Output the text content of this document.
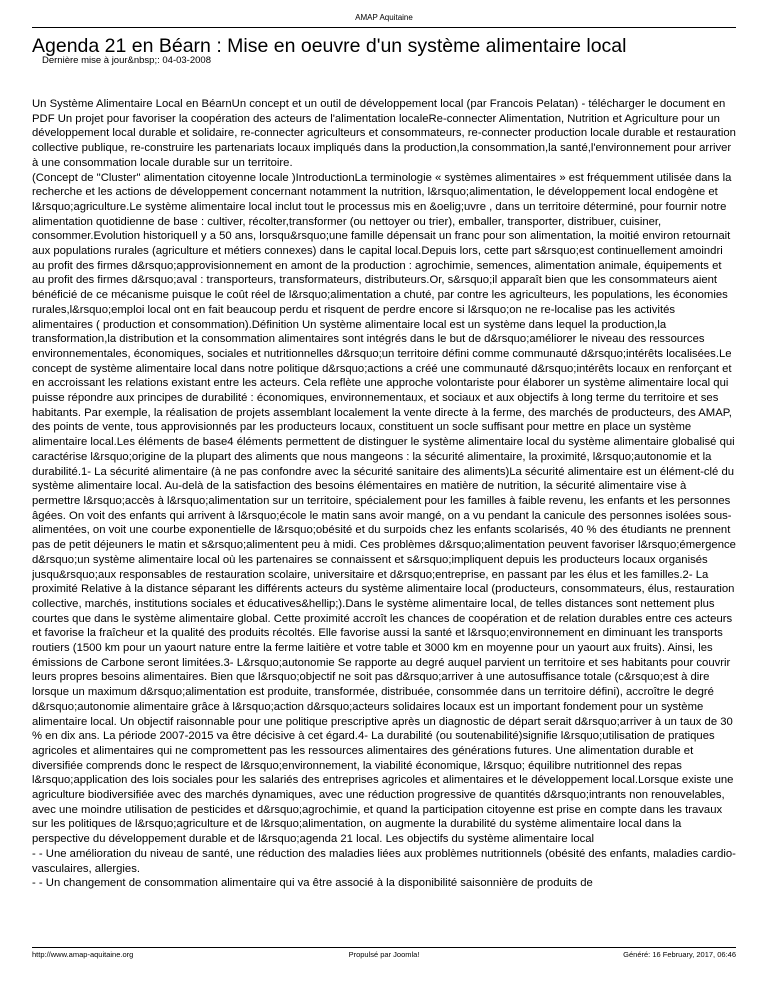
AMAP Aquitaine
Agenda 21 en Béarn : Mise en oeuvre d'un système alimentaire local
Dernière mise à jour&nbsp;: 04-03-2008

Un Système Alimentaire Local en BéarnUn concept et un outil de développement local (par Francois Pelatan) - télécharger le document en PDF Un projet pour favoriser la coopération des acteurs de l'alimentation localeRe-connecter Alimentation, Nutrition et Agriculture pour un développement local durable et solidaire, re-connecter agriculteurs et consommateurs, re-connecter production locale durable et restauration collective publique, re-construire les partenariats locaux impliqués dans la production,la consommation,la santé,l'environnement pour arriver à une consommation locale durable sur un territoire.

(Concept de "Cluster" alimentation citoyenne locale )IntroductionLa terminologie « systèmes alimentaires » est fréquemment utilisée dans la recherche et les actions de développement concernant notamment la nutrition, l&rsquo;alimentation, le développement local endogène et l&rsquo;agriculture.Le système alimentaire local inclut tout le processus mis en &oelig;uvre , dans un territoire déterminé, pour fournir notre alimentation quotidienne de base : cultiver, récolter,transformer (ou nettoyer ou trier), emballer, transporter, distribuer, cuisiner, consommer.Evolution historiqueIl y a 50 ans, lorsqu&rsquo;une famille dépensait un franc pour son alimentation, la moitié environ retournait aux populations rurales (agriculture et métiers connexes) dans le capital local.Depuis lors, cette part s&rsquo;est continuellement amoindri au profit des firmes d&rsquo;approvisionnement en amont de la production : agrochimie, semences, alimentation animale, équipements et au profit des firmes d&rsquo;aval : transporteurs, transformateurs, distributeurs.Or, s&rsquo;il apparaît bien que les consommateurs aient bénéficié de ce mécanisme puisque le coût réel de l&rsquo;alimentation a chuté, par contre les agriculteurs, les populations, les économies rurales,l&rsquo;emploi local ont en fait beaucoup perdu et risquent de perdre encore si l&rsquo;on ne re-localise pas les activités alimentaires ( production et consommation).Définition Un système alimentaire local est un système dans lequel la production,la transformation,la distribution et la consommation alimentaires sont intégrés dans le but de d&rsquo;améliorer le niveau des ressources environnementales, économiques, sociales et nutritionnelles d&rsquo;un territoire défini comme communauté d&rsquo;intérêts localisées.Le concept de système alimentaire local dans notre politique d&rsquo;actions a créé une communauté d&rsquo;intérêts locaux en renforçant et en accroissant les relations existant entre les acteurs. Cela reflète une approche volontariste pour élaborer un système alimentaire local qui puisse répondre aux principes de durabilité : économiques, environnementaux, et sociaux et aux objectifs à long terme du territoire et ses habitants. Par exemple, la réalisation de projets assemblant localement la vente directe à la ferme, des marchés de producteurs, des AMAP, des points de vente, tous approvisionnés par les producteurs locaux, constituent un socle suffisant pour mettre en place un système alimentaire local.Les éléments de base4 éléments permettent de distinguer le système alimentaire local du système alimentaire globalisé qui caractérise l&rsquo;origine de la plupart des aliments que nous mangeons : la sécurité alimentaire, la proximité, l&rsquo;autonomie et la durabilité.1- La sécurité alimentaire (à ne pas confondre avec la sécurité sanitaire des aliments)La sécurité alimentaire est un élément-clé du système alimentaire local. Au-delà de la satisfaction des besoins élémentaires en matière de nutrition, la sécurité alimentaire vise à permettre l&rsquo;accès à l&rsquo;alimentation sur un territoire, spécialement pour les familles à faible revenu, les enfants et les personnes âgées. On voit des enfants qui arrivent à l&rsquo;école le matin sans avoir mangé, on a vu pendant la canicule des personnes isolées sous-alimentées, on voit une courbe exponentielle de l&rsquo;obésité et du surpoids chez les enfants scolarisés, 40 % des étudiants ne prennent pas de petit déjeuners le matin et s&rsquo;alimentent peu à midi. Ces problèmes d&rsquo;alimentation peuvent favoriser l&rsquo;émergence d&rsquo;un système alimentaire local où les partenaires se connaissent et s&rsquo;impliquent depuis les producteurs locaux organisés jusqu&rsquo;aux responsables de restauration scolaire, universitaire et d&rsquo;entreprise, en passant par les élus et les familles.2- La proximité Relative à la distance séparant les différents acteurs du système alimentaire local (producteurs, consommateurs, élus, restauration collective, marchés, institutions sociales et éducatives&hellip;).Dans le système alimentaire local, de telles distances sont nettement plus courtes que dans le système alimentaire global. Cette proximité accroît les chances de coopération et de relation durables entre ces acteurs et favorise la fraîcheur et la qualité des produits récoltés. Elle favorise aussi la santé et l&rsquo;environnement en diminuant les transports routiers (1500 km pour un yaourt nature entre la ferme laitière et votre table et 3000 km en moyenne pour un yaourt aux fruits). Ainsi, les émissions de Carbone seront limitées.3- L&rsquo;autonomie Se rapporte au degré auquel parvient un territoire et ses habitants pour couvrir leurs propres besoins alimentaires. Bien que l&rsquo;objectif ne soit pas d&rsquo;arriver à une autosuffisance totale (c&rsquo;est à dire lorsque un maximum d&rsquo;alimentation est produite, transformée, distribuée, consommée dans un territoire défini), accroître le degré d&rsquo;autonomie alimentaire grâce à l&rsquo;action d&rsquo;acteurs solidaires locaux est un important fondement pour un système alimentaire local. Un objectif raisonnable pour une politique prescriptive après un diagnostic de départ serait d&rsquo;arriver à un taux de 30 % en dix ans. La période 2007-2015 va être décisive à cet égard.4- La durabilité (ou soutenabilité)signifie l&rsquo;utilisation de pratiques agricoles et alimentaires qui ne compromettent pas les ressources alimentaires des générations futures. Une alimentation durable et diversifiée comprends donc le respect de l&rsquo;environnement, la viabilité économique, l&rsquo; équilibre nutritionnel des repas l&rsquo;application des lois sociales pour les salariés des entreprises agricoles et alimentaires et le développement local.Lorsque existe une agriculture biodiversifiée avec des marchés dynamiques, avec une réduction progressive de quantités d&rsquo;intrants non renouvelables, avec une moindre utilisation de pesticides et d&rsquo;agrochimie, et quand la participation citoyenne est prise en compte dans les travaux sur les politiques de l&rsquo;agriculture et de l&rsquo;alimentation, on augmente la durabilité du système alimentaire local dans la perspective du développement durable et de l&rsquo;agenda 21 local. Les objectifs du système alimentaire local

- - Une amélioration du niveau de santé, une réduction des maladies liées aux problèmes nutritionnels (obésité des enfants, maladies cardio-vasculaires, allergies.

- - Un changement de consommation alimentaire qui va être associé à la disponibilité saisonnière de produits de

http://www.amap-aquitaine.org	Propulsé par Joomla!	Généré: 16 February, 2017, 06:46
